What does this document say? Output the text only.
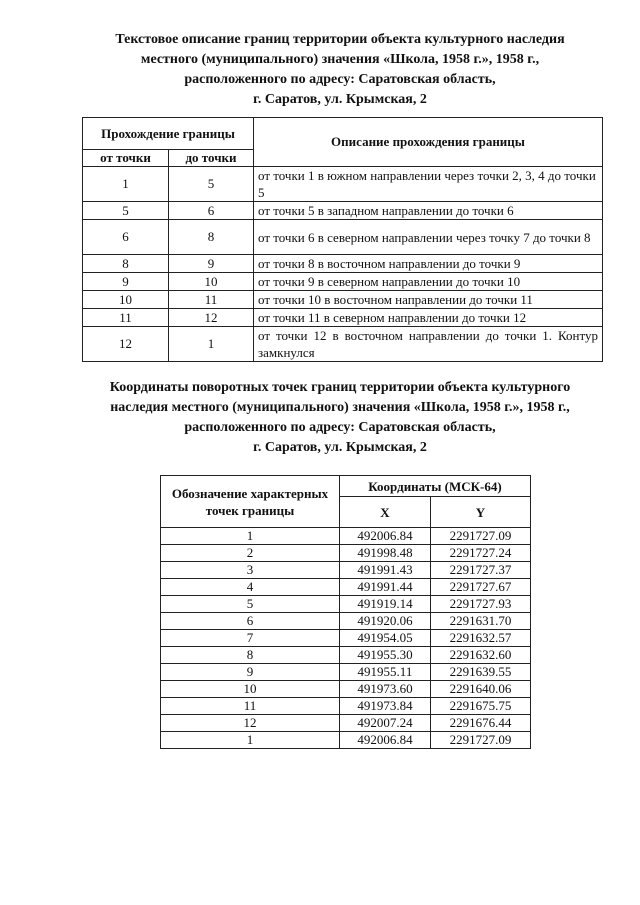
Текстовое описание границ территории объекта культурного наследия
местного (муниципального) значения «Школа, 1958 г.», 1958 г.,
расположенного по адресу: Саратовская область,
г. Саратов, ул. Крымская, 2
Прохождение границы		Описание прохождения границы
от точки	до точки	
1	5	от точки 1 в южном направлении через точки 2, 3, 4 до точки 5
5	6	от точки 5 в западном направлении до точки 6
6	8	от точки 6 в северном направлении через точку 7 до точки 8
8	9	от точки 8 в восточном направлении до точки 9
9	10	от точки 9 в северном направлении до точки 10
10	11	от точки 10 в восточном направлении до точки 11
11	12	от точки 11 в северном направлении до точки 12
12	1	от точки 12 в восточном направлении до точки 1. Контур замкнулся
Координаты поворотных точек границ территории объекта культурного
наследия местного (муниципального) значения «Школа, 1958 г.», 1958 г.,
расположенного по адресу: Саратовская область,
г. Саратов, ул. Крымская, 2
Обозначение характерных точек границы	Координаты (МСК-64)	
	X	Y
1	492006.84	2291727.09
2	491998.48	2291727.24
3	491991.43	2291727.37
4	491991.44	2291727.67
5	491919.14	2291727.93
6	491920.06	2291631.70
7	491954.05	2291632.57
8	491955.30	2291632.60
9	491955.11	2291639.55
10	491973.60	2291640.06
11	491973.84	2291675.75
12	492007.24	2291676.44
1	492006.84	2291727.09
